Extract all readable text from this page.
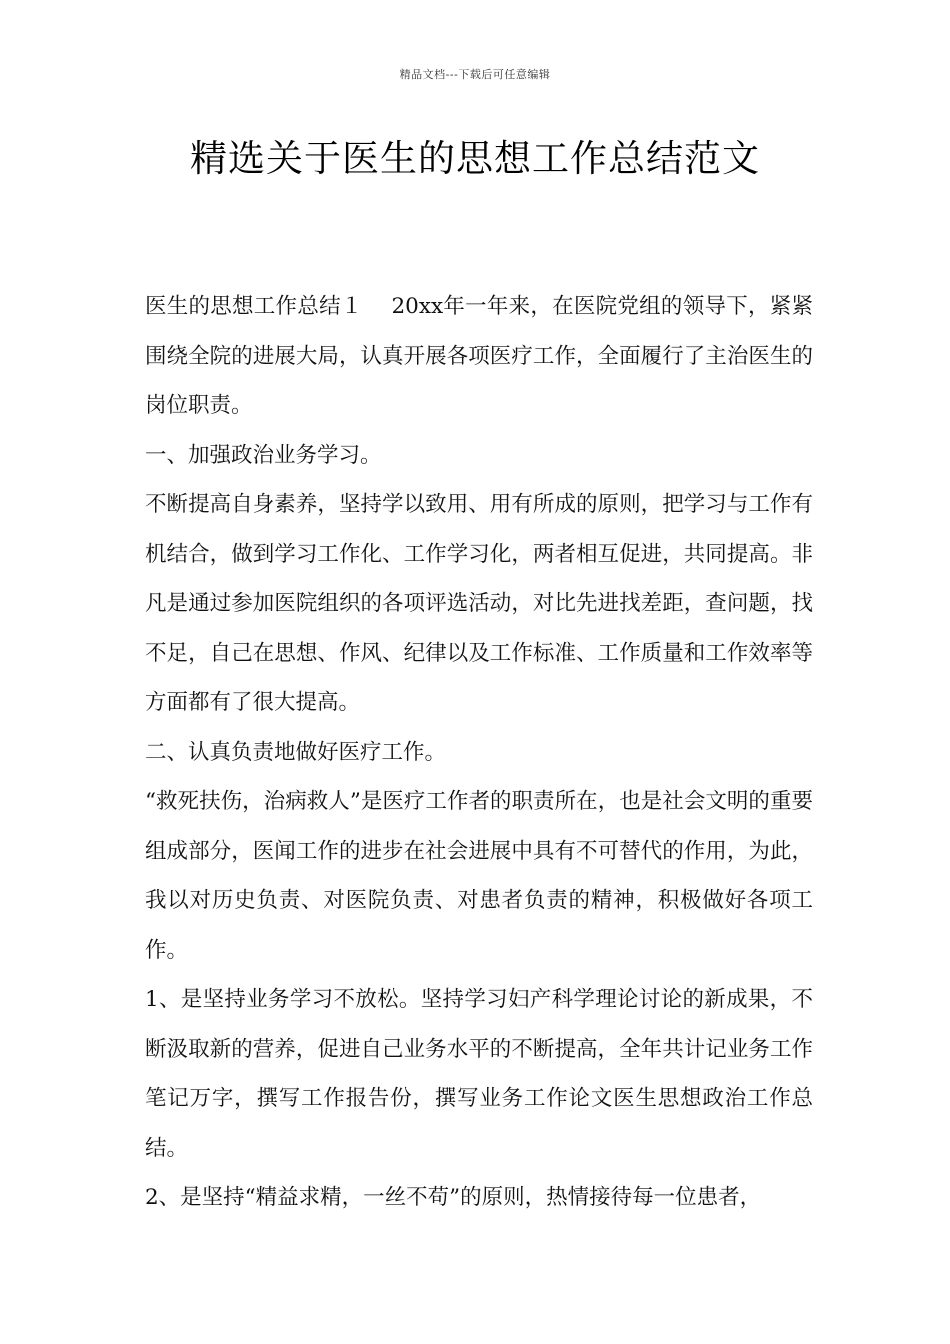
精品文档---下载后可任意编辑
精选关于医生的思想工作总结范文

医生的思想工作总结１　 20xx年一年来，在医院党组的领导下，紧紧围绕全院的进展大局，认真开展各项医疗工作，全面履行了主治医生的岗位职责。

一、加强政治业务学习。

不断提高自身素养，坚持学以致用、用有所成的原则，把学习与工作有机结合，做到学习工作化、工作学习化，两者相互促进，共同提高。非凡是通过参加医院组织的各项评选活动，对比先进找差距，查问题，找不足，自己在思想、作风、纪律以及工作标准、工作质量和工作效率等方面都有了很大提高。

二、认真负责地做好医疗工作。

“救死扶伤，治病救人”是医疗工作者的职责所在，也是社会文明的重要组成部分，医闻工作的进步在社会进展中具有不可替代的作用，为此，我以对历史负责、对医院负责、对患者负责的精神，积极做好各项工作。

1、是坚持业务学习不放松。坚持学习妇产科学理论讨论的新成果，不断汲取新的营养，促进自己业务水平的不断提高，全年共计记业务工作笔记万字，撰写工作报告份，撰写业务工作论文医生思想政治工作总结。

2、是坚持“精益求精，一丝不苟”的原则，热情接待每一位患者，
